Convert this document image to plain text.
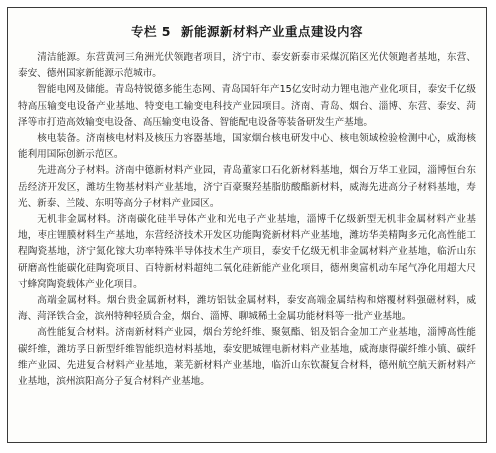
专栏 5 新能源新材料产业重点建设内容

清洁能源。东营黄河三角洲光伏领跑者项目，济宁市、泰安新泰市采煤沉陷区光伏领跑者基地，东营、泰安、德州国家新能源示范城市。

智能电网及储能。青岛特锐德多能生态网、青岛国轩年产15亿安时动力锂电池产业化项目，泰安千亿级特高压输变电设备产业基地、特变电工输变电科技产业园项目。济南、青岛、烟台、淄博、东营、泰安、菏泽等市打造高效输变电设备、高压输变电设备、智能配电设备等装备研发生产基地。

核电装备。济南核电材料及核压力容器基地，国家烟台核电研发中心、核电领域检验检测中心，威海核能利用国际创新示范区。

先进高分子材料。济南中德新材料产业园，青岛董家口石化新材料基地，烟台万华工业园，淄博恒台东岳经济开发区，潍坊生物基材料产业基地，济宁百豪聚羟基脂肪酸酯新材料，威海先进高分子材料基地，寿光、新泰、兰陵、东明等高分子材料产业园区。

无机非金属材料。济南碳化硅半导体产业和光电子产业基地，淄博千亿级新型无机非金属材料产业基地，枣庄锂膜材料生产基地，东营经济技术开发区功能陶瓷新材料产业基地，潍坊华美精陶多元化高性能工程陶瓷基地，济宁氮化镓大功率特殊半导体技术生产项目，泰安千亿级无机非金属材料产业基地，临沂山东研磨高性能碳化硅陶瓷项目、百特新材料超纯二氧化硅新能产业化项目，德州奥富机动车尾气净化用超大尺寸蜂窝陶瓷载体产业化项目。

高端金属材料。烟台贵金属新材料，潍坊铝钛金属材料，泰安高端金属结构和熔覆材料强磁材料，威海、菏泽铁合金，滨州特种轻质合金，烟台、淄博、聊城稀土金属功能材料等一批产业基地。

高性能复合材料。济南新材料产业园，烟台芳纶纤维、聚氨酯、铝及铝合金加工产业基地，淄博高性能碳纤维，潍坊孚日新型纤维智能织造材料基地，泰安肥城锂电新材料产业基地，威海康得碳纤维小镇、碳纤维产业园、先进复合材料产业基地，莱芜新材料产业基地，临沂山东钦凝复合材料，德州航空航天新材料产业基地，滨州滨阳高分子复合材料产业基地。
